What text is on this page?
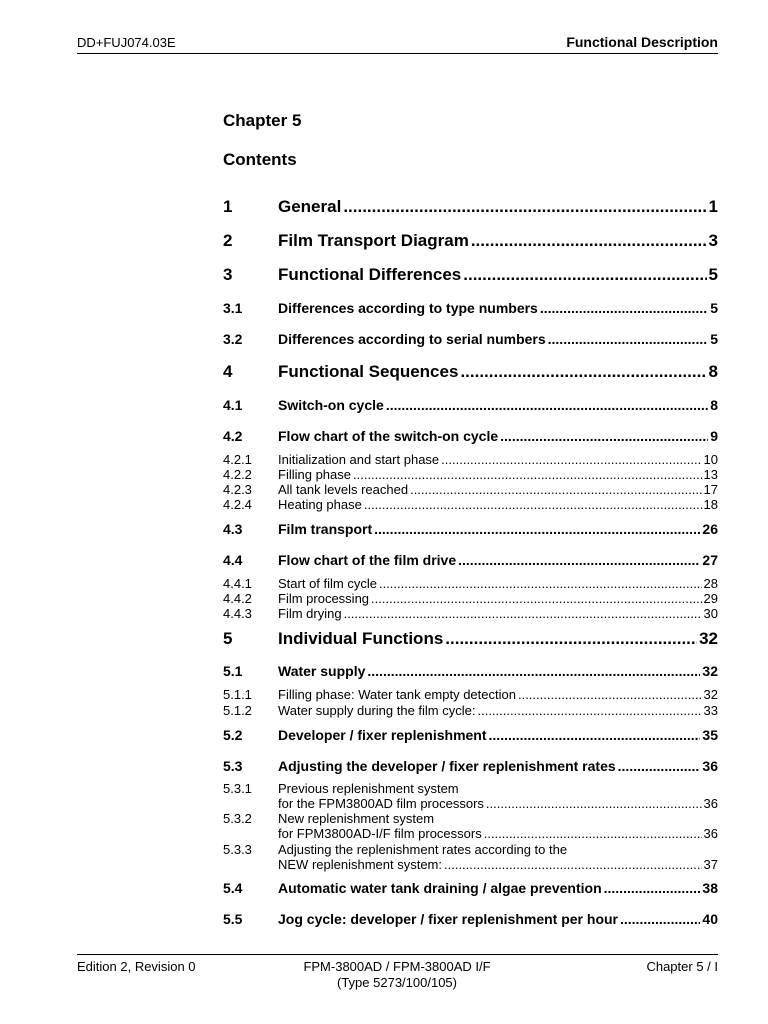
DD+FUJ074.03E	Functional Description
Chapter 5
Contents
1	General .....	1
2	Film Transport Diagram .....	3
3	Functional Differences .....	5
3.1	Differences according to type numbers .....	5
3.2	Differences according to serial numbers .....	5
4	Functional Sequences .....	8
4.1	Switch-on cycle .....	8
4.2	Flow chart of the switch-on cycle .....	9
4.2.1	Initialization and start phase .....	10
4.2.2	Filling phase .....	13
4.2.3	All tank levels reached .....	17
4.2.4	Heating phase .....	18
4.3	Film transport .....	26
4.4	Flow chart of the film drive .....	27
4.4.1	Start of film cycle .....	28
4.4.2	Film processing .....	29
4.4.3	Film drying .....	30
5	Individual Functions .....	32
5.1	Water supply .....	32
5.1.1	Filling phase: Water tank empty detection .....	32
5.1.2	Water supply during the film cycle: .....	33
5.2	Developer / fixer replenishment .....	35
5.3	Adjusting the developer / fixer replenishment rates .....	36
5.3.1	Previous replenishment system
for the FPM3800AD film processors .....	36
5.3.2	New replenishment system
for FPM3800AD-I/F film processors .....	36
5.3.3	Adjusting the replenishment rates according to the
NEW replenishment system: .....	37
5.4	Automatic water tank draining / algae prevention .....	38
5.5	Jog cycle: developer / fixer replenishment per hour .....	40
Edition 2, Revision 0	FPM-3800AD / FPM-3800AD I/F
(Type 5273/100/105)
Chapter 5 / I
